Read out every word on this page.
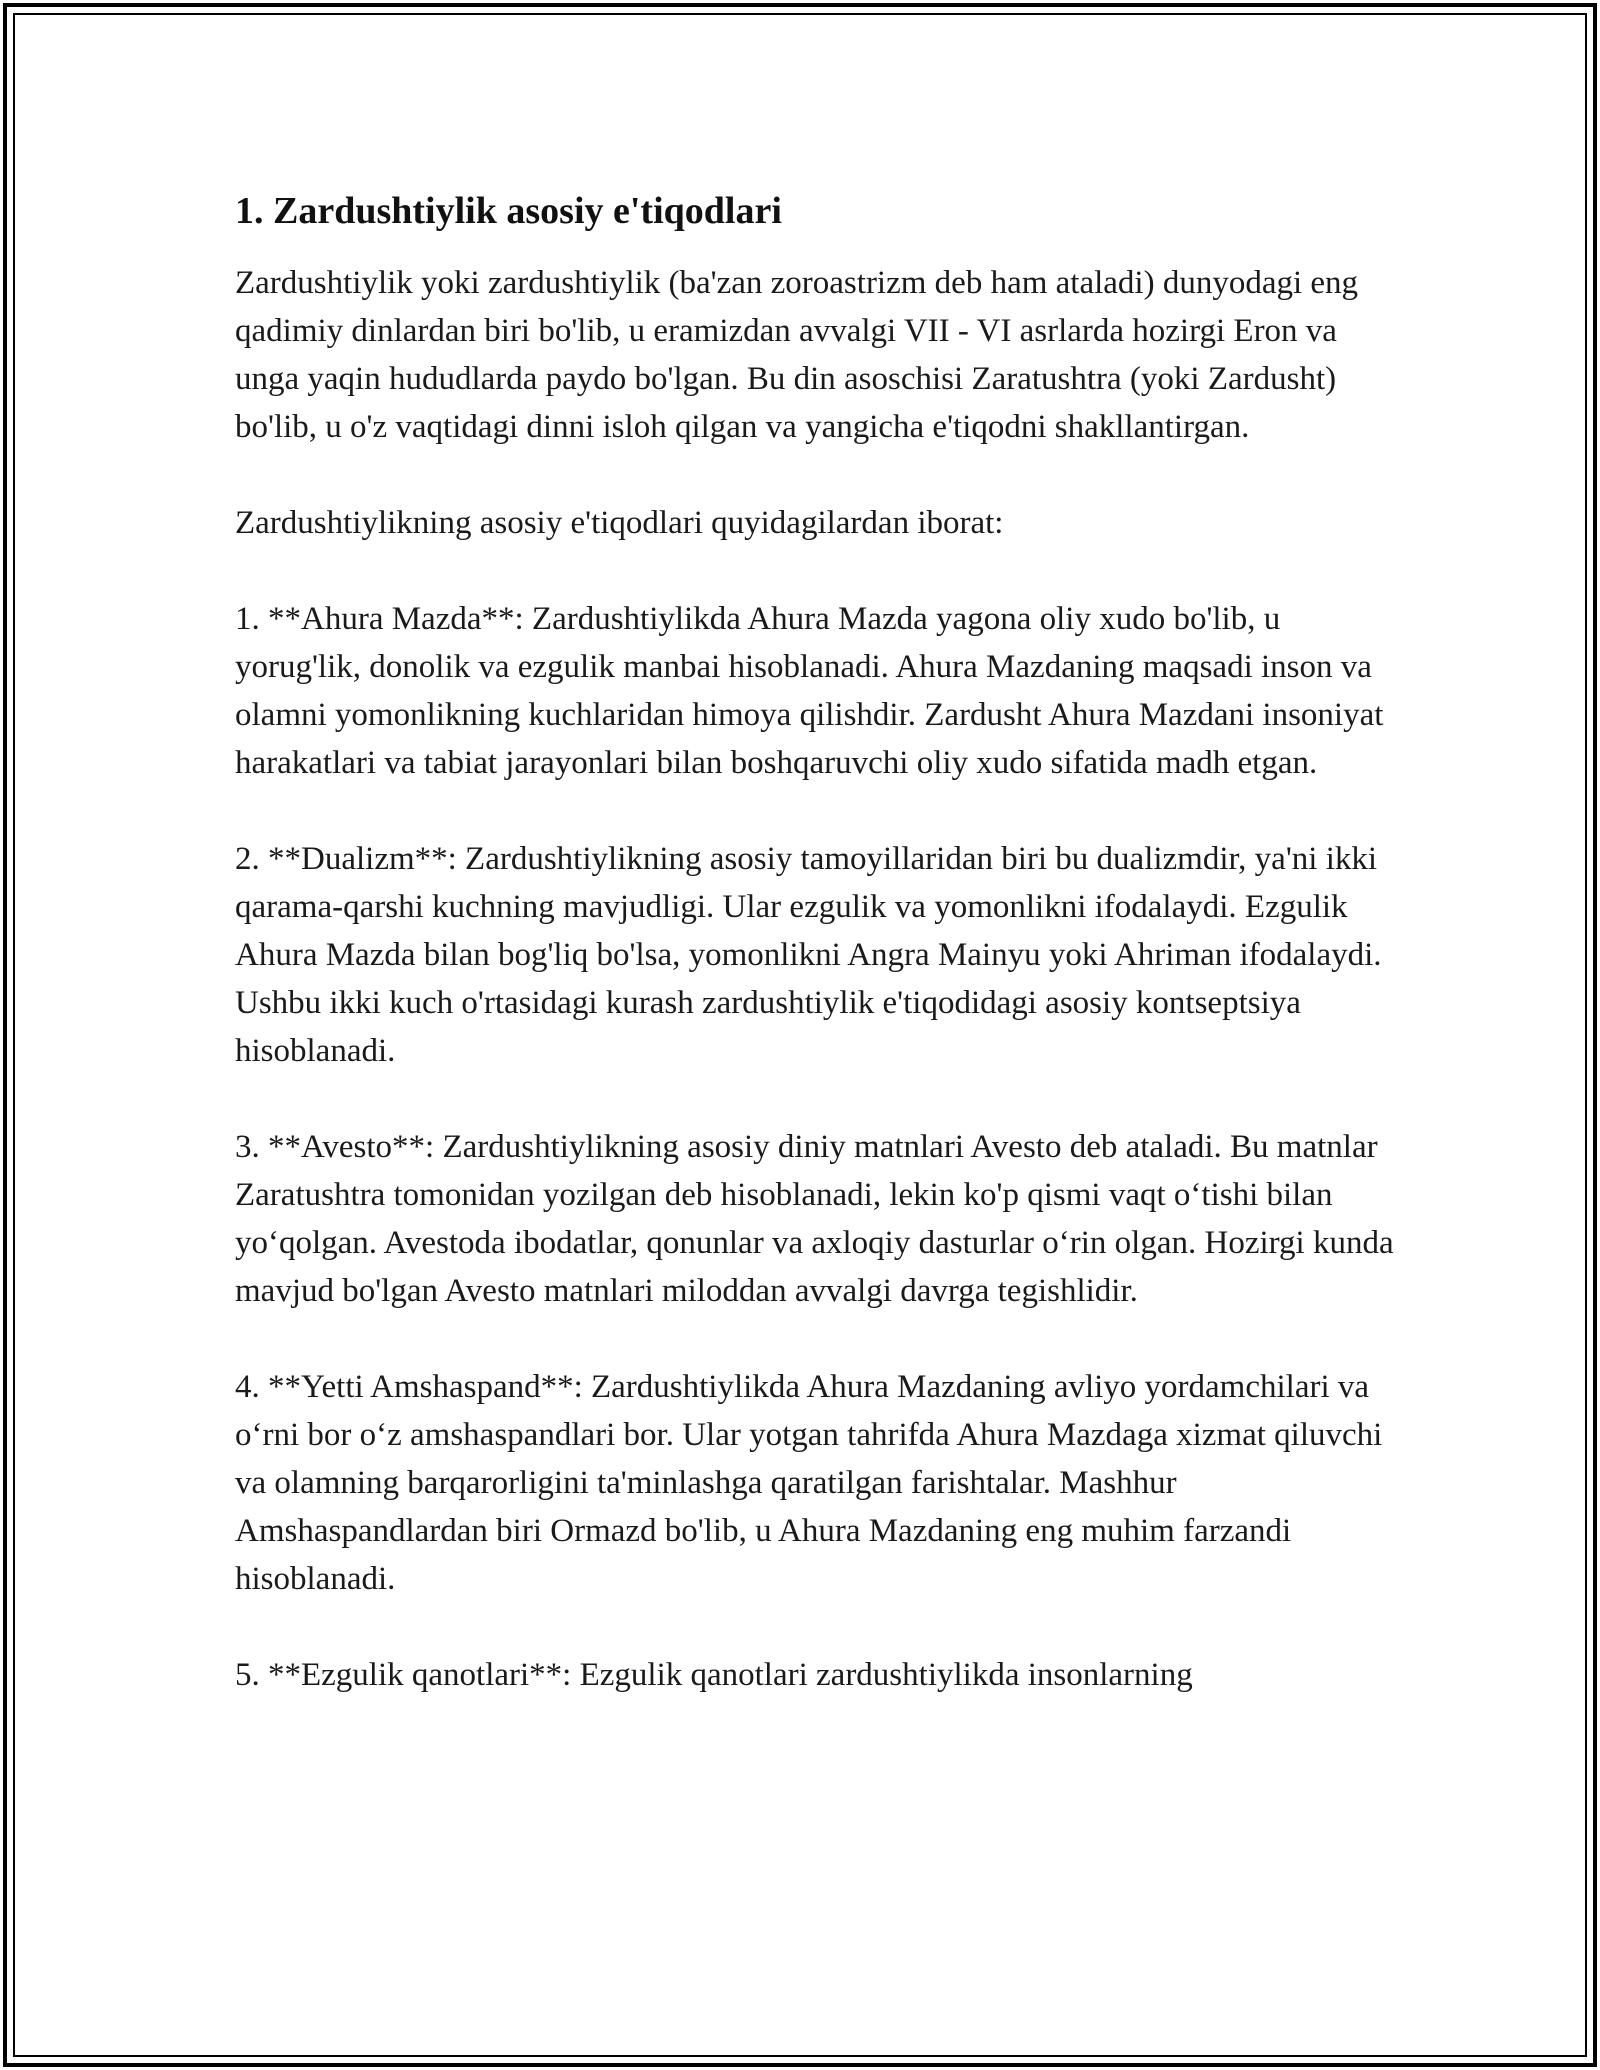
1. Zardushtiylik asosiy e'tiqodlari

Zardushtiylik yoki zardushtiylik (ba'zan zoroastrizm deb ham ataladi) dunyodagi eng qadimiy dinlardan biri bo'lib, u eramizdan avvalgi VII - VI asrlarda hozirgi Eron va unga yaqin hududlarda paydo bo'lgan. Bu din asoschisi Zaratushtra (yoki Zardusht) bo'lib, u o'z vaqtidagi dinni isloh qilgan va yangicha e'tiqodni shakllantirgan.

Zardushtiylikning asosiy e'tiqodlari quyidagilardan iborat:

1. **Ahura Mazda**: Zardushtiylikda Ahura Mazda yagona oliy xudo bo'lib, u yorug'lik, donolik va ezgulik manbai hisoblanadi. Ahura Mazdaning maqsadi inson va olamni yomonlikning kuchlaridan himoya qilishdir. Zardusht Ahura Mazdani insoniyat harakatlari va tabiat jarayonlari bilan boshqaruvchi oliy xudo sifatida madh etgan.

2. **Dualizm**: Zardushtiylikning asosiy tamoyillaridan biri bu dualizmdir, ya'ni ikki qarama-qarshi kuchning mavjudligi. Ular ezgulik va yomonlikni ifodalaydi. Ezgulik Ahura Mazda bilan bog'liq bo'lsa, yomonlikni Angra Mainyu yoki Ahriman ifodalaydi. Ushbu ikki kuch o'rtasidagi kurash zardushtiylik e'tiqodidagi asosiy kontseptsiya hisoblanadi.

3. **Avesto**: Zardushtiylikning asosiy diniy matnlari Avesto deb ataladi. Bu matnlar Zaratushtra tomonidan yozilgan deb hisoblanadi, lekin ko'p qismi vaqt o‘tishi bilan yo‘qolgan. Avestoda ibodatlar, qonunlar va axloqiy dasturlar o‘rin olgan. Hozirgi kunda mavjud bo'lgan Avesto matnlari miloddan avvalgi davrga tegishlidir.

4. **Yetti Amshaspand**: Zardushtiylikda Ahura Mazdaning avliyo yordamchilari va o‘rni bor o‘z amshaspandlari bor. Ular yotgan tahrifda Ahura Mazdaga xizmat qiluvchi va olamning barqarorligini ta'minlashga qaratilgan farishtalar. Mashhur Amshaspandlardan biri Ormazd bo'lib, u Ahura Mazdaning eng muhim farzandi hisoblanadi.

5. **Ezgulik qanotlari**: Ezgulik qanotlari zardushtiylikda insonlarning
